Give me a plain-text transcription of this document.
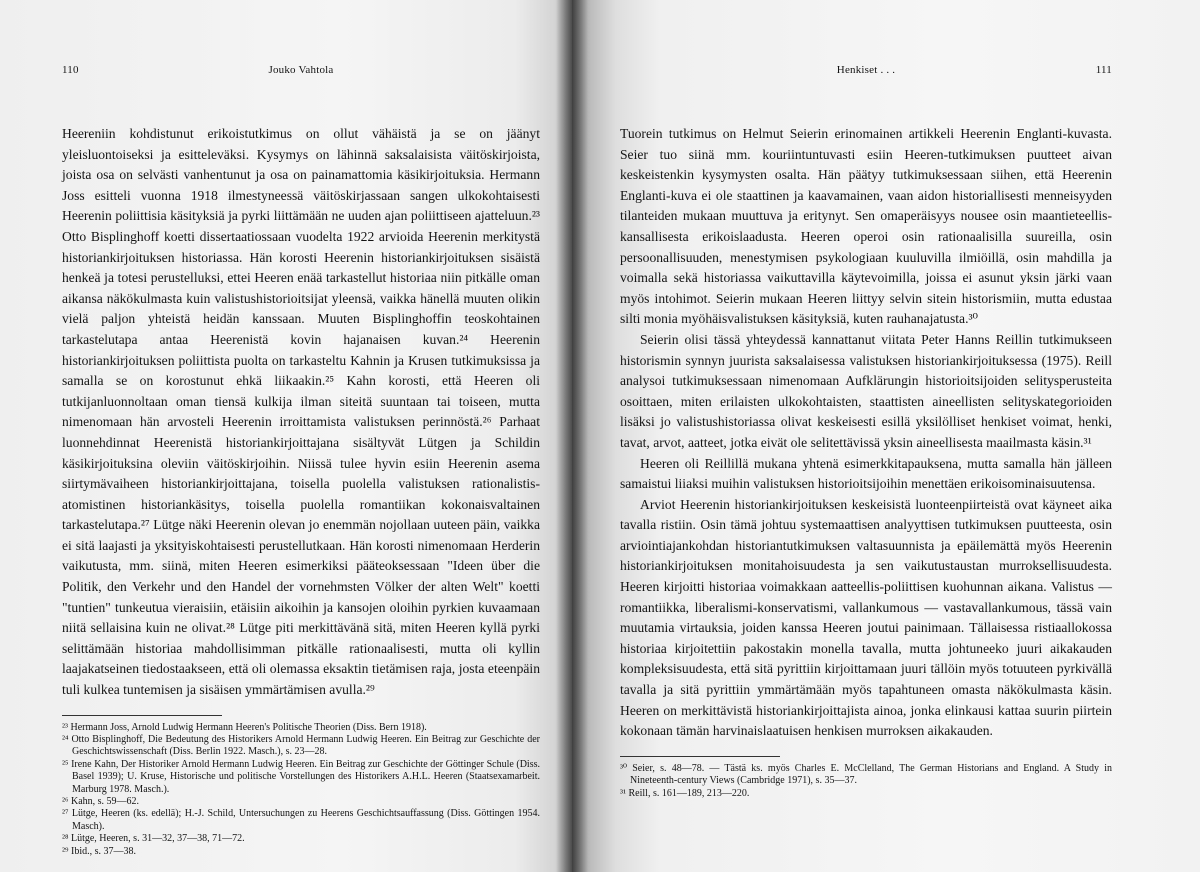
110	Jouko Vahtola

Heereniin kohdistunut erikoistutkimus on ollut vähäistä ja se on jäänyt yleisluontoiseksi ja esitteleväksi. Kysymys on lähinnä saksalaisista väitöskirjoista, joista osa on selvästi vanhentunut ja osa on painamattomia käsikirjoituksia. Hermann Joss esitteli vuonna 1918 ilmestyneessä väitöskirjassaan sangen ulkokohtaisesti Heerenin poliittisia käsityksiä ja pyrki liittämään ne uuden ajan poliittiseen ajatteluun.²³ Otto Bisplinghoff koetti dissertaatiossaan vuodelta 1922 arvioida Heerenin merkitystä historiankirjoituksen historiassa. Hän korosti Heerenin historiankirjoituksen sisäistä henkeä ja totesi perustelluksi, ettei Heeren enää tarkastellut historiaa niin pitkälle oman aikansa näkökulmasta kuin valistushistorioitsijat yleensä, vaikka hänellä muuten olikin vielä paljon yhteistä heidän kanssaan. Muuten Bisplinghoffin teoskohtainen tarkastelutapa antaa Heerenistä kovin hajanaisen kuvan.²⁴ Heerenin historiankirjoituksen poliittista puolta on tarkasteltu Kahnin ja Krusen tutkimuksissa ja samalla se on korostunut ehkä liikaakin.²⁵ Kahn korosti, että Heeren oli tutkijanluonnoltaan oman tiensä kulkija ilman siteitä suuntaan tai toiseen, mutta nimenomaan hän arvosteli Heerenin irroittamista valistuksen perinnöstä.²⁶ Parhaat luonnehdinnat Heerenistä historiankirjoittajana sisältyvät Lütgen ja Schildin käsikirjoituksina oleviin väitöskirjoihin. Niissä tulee hyvin esiin Heerenin asema siirtymävaiheen historiankirjoittajana, toisella puolella valistuksen rationalistis-atomistinen historiankäsitys, toisella puolella romantiikan kokonaisvaltainen tarkastelutapa.²⁷ Lütge näki Heerenin olevan jo enemmän nojollaan uuteen päin, vaikka ei sitä laajasti ja yksityiskohtaisesti perustellutkaan. Hän korosti nimenomaan Herderin vaikutusta, mm. siinä, miten Heeren esimerkiksi pääteoksessaan "Ideen über die Politik, den Verkehr und den Handel der vornehmsten Völker der alten Welt" koetti "tuntien" tunkeutua vieraisiin, etäisiin aikoihin ja kansojen oloihin pyrkien kuvaamaan niitä sellaisina kuin ne olivat.²⁸ Lütge piti merkittävänä sitä, miten Heeren kyllä pyrki selittämään historiaa mahdollisimman pitkälle rationaalisesti, mutta oli kyllin laajakatseinen tiedostaakseen, että oli olemassa eksaktin tietämisen raja, josta eteenpäin tuli kulkea tuntemisen ja sisäisen ymmärtämisen avulla.²⁹

²³ Hermann Joss, Arnold Ludwig Hermann Heeren's Politische Theorien (Diss. Bern 1918).

²⁴ Otto Bisplinghoff, Die Bedeutung des Historikers Arnold Hermann Ludwig Heeren. Ein Beitrag zur Geschichte der Geschichtswissenschaft (Diss. Berlin 1922. Masch.), s. 23—28.

²⁵ Irene Kahn, Der Historiker Arnold Hermann Ludwig Heeren. Ein Beitrag zur Geschichte der Göttinger Schule (Diss. Basel 1939); U. Kruse, Historische und politische Vorstellungen des Historikers A.H.L. Heeren (Staatsexamarbeit. Marburg 1978. Masch.).

²⁶ Kahn, s. 59—62.

²⁷ Lütge, Heeren (ks. edellä); H.-J. Schild, Untersuchungen zu Heerens Geschichtsauffassung (Diss. Göttingen 1954. Masch).

²⁸ Lütge, Heeren, s. 31—32, 37—38, 71—72.

²⁹ Ibid., s. 37—38.

Henkiset . . .	111

Tuorein tutkimus on Helmut Seierin erinomainen artikkeli Heerenin Englanti-kuvasta. Seier tuo siinä mm. kouriintuntuvasti esiin Heeren-tutkimuksen puutteet aivan keskeistenkin kysymysten osalta. Hän päätyy tutkimuksessaan siihen, että Heerenin Englanti-kuva ei ole staattinen ja kaavamainen, vaan aidon historiallisesti menneisyyden tilanteiden mukaan muuttuva ja eritynyt. Sen omaperäisyys nousee osin maantieteellis-kansallisesta erikoislaadusta. Heeren operoi osin rationaalisilla suureilla, osin persoonallisuuden, menestymisen psykologiaan kuuluvilla ilmiöillä, osin mahdilla ja voimalla sekä historiassa vaikuttavilla käytevoimilla, joissa ei asunut yksin järki vaan myös intohimot. Seierin mukaan Heeren liittyy selvin sitein historismiin, mutta edustaa silti monia myöhäisvalistuksen käsityksiä, kuten rauhanajatusta.³⁰

Seierin olisi tässä yhteydessä kannattanut viitata Peter Hanns Reillin tutkimukseen historismin synnyn juurista saksalaisessa valistuksen historiankirjoituksessa (1975). Reill analysoi tutkimuksessaan nimenomaan Aufklärungin historioitsijoiden selitysperusteita osoittaen, miten erilaisten ulkokohtaisten, staattisten aineellisten selityskategorioiden lisäksi jo valistushistoriassa olivat keskeisesti esillä yksilölliset henkiset voimat, henki, tavat, arvot, aatteet, jotka eivät ole selitettävissä yksin aineellisesta maailmasta käsin.³¹

Heeren oli Reillillä mukana yhtenä esimerkkitapauksena, mutta samalla hän jälleen samaistui liiaksi muihin valistuksen historioitsijoihin menettäen erikoisominaisuutensa.

Arviot Heerenin historiankirjoituksen keskeisistä luonteenpiirteistä ovat käyneet aika tavalla ristiin. Osin tämä johtuu systemaattisen analyyttisen tutkimuksen puutteesta, osin arviointiajankohdan historiantutkimuksen valtasuunnista ja epäilemättä myös Heerenin historiankirjoituksen monitahoisuudesta ja sen vaikutustaustan murroksellisuudesta. Heeren kirjoitti historiaa voimakkaan aatteellis-poliittisen kuohunnan aikana. Valistus — romantiikka, liberalismi-konservatismi, vallankumous — vastavallankumous, tässä vain muutamia virtauksia, joiden kanssa Heeren joutui painimaan. Tällaisessa ristiaallokossa historiaa kirjoitettiin pakostakin monella tavalla, mutta johtuneeko juuri aikakauden kompleksisuudesta, että sitä pyrittiin kirjoittamaan juuri tällöin myös totuuteen pyrkivällä tavalla ja sitä pyrittiin ymmärtämään myös tapahtuneen omasta näkökulmasta käsin. Heeren on merkittävistä historiankirjoittajista ainoa, jonka elinkausi kattaa suurin piirtein kokonaan tämän harvinaislaatuisen henkisen murroksen aikakauden.

³⁰ Seier, s. 48—78. — Tästä ks. myös Charles E. McClelland, The German Historians and England. A Study in Nineteenth-century Views (Cambridge 1971), s. 35—37.

³¹ Reill, s. 161—189, 213—220.
